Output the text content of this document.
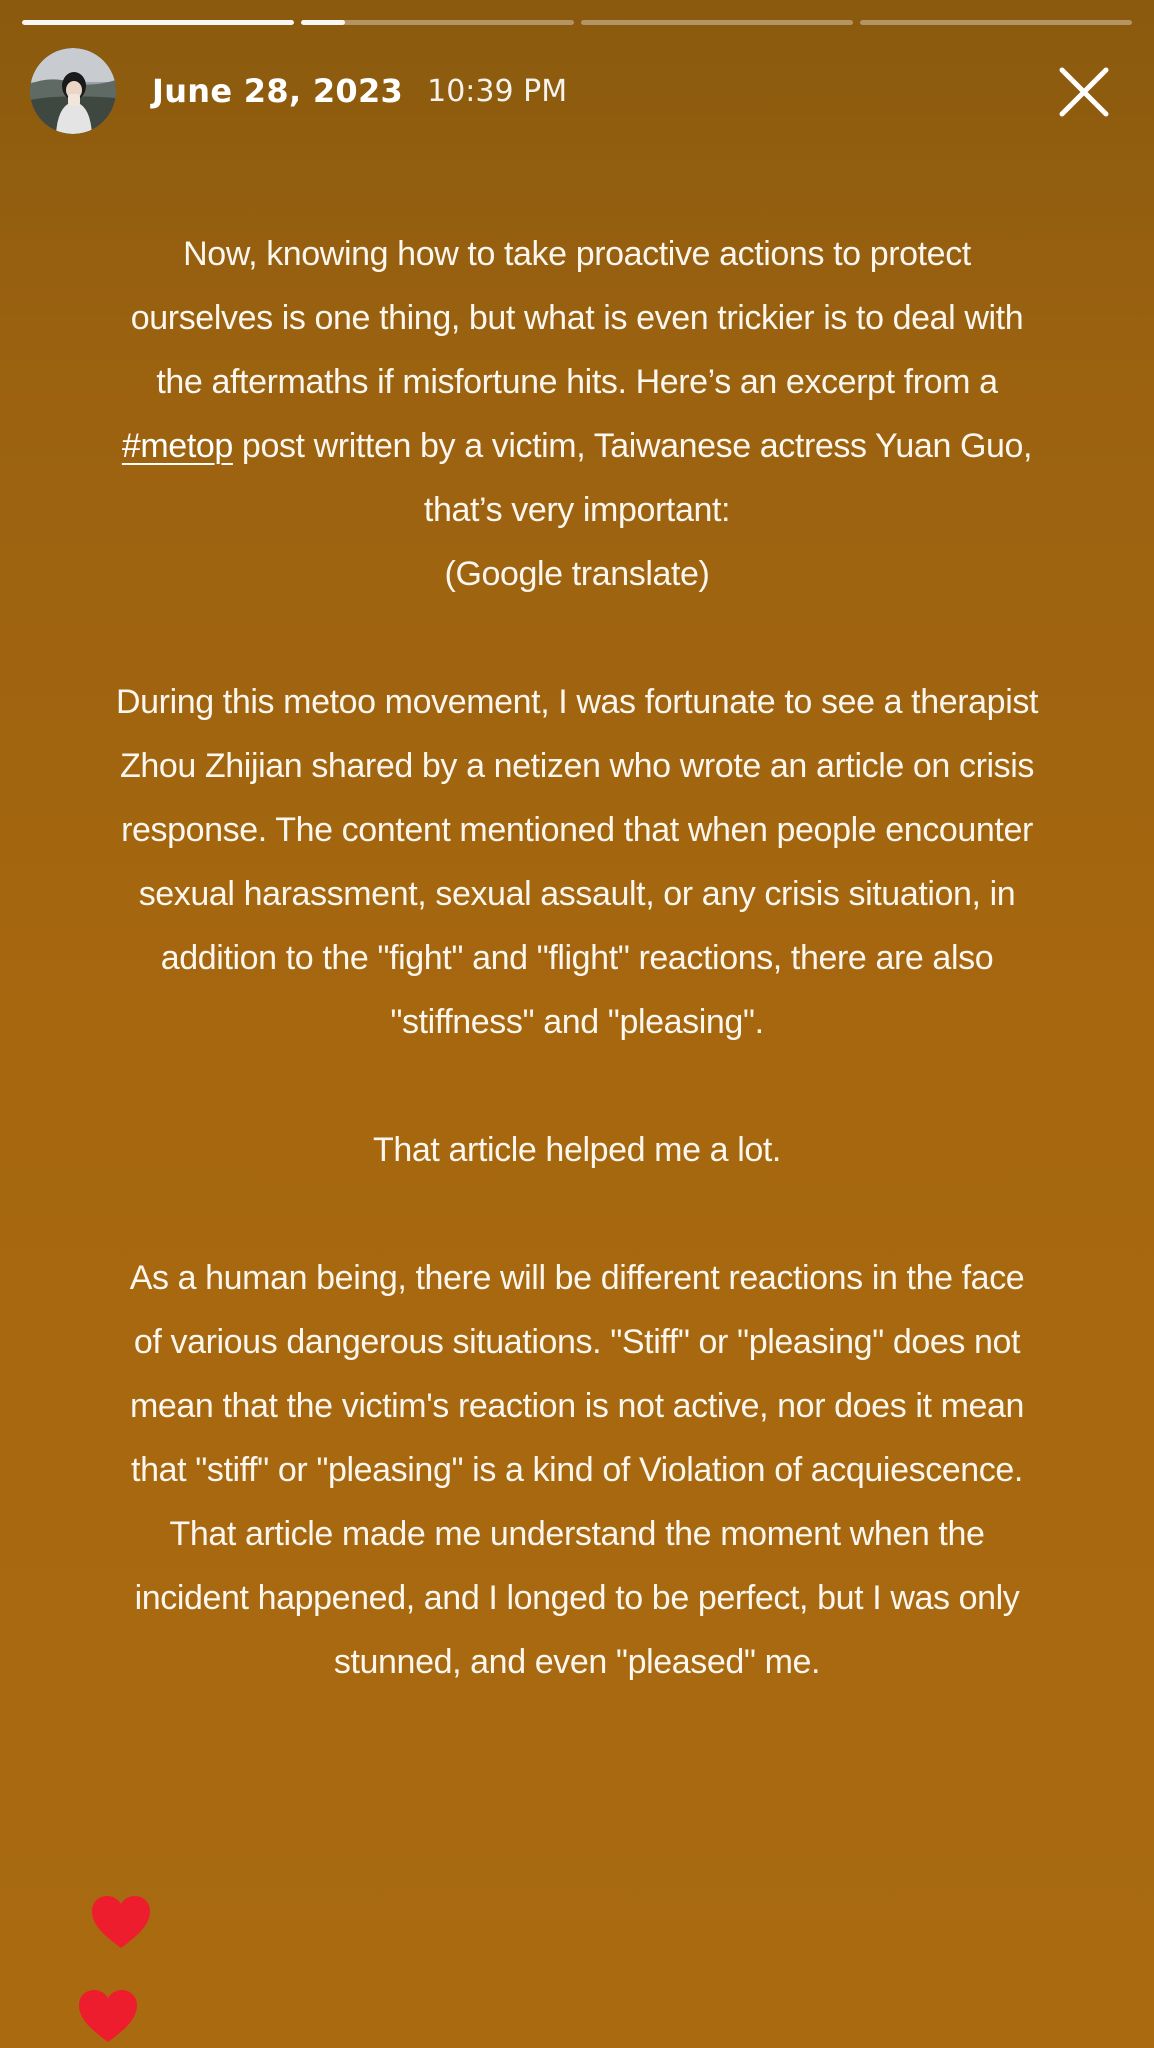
June 28, 2023 10:39 PM

Now, knowing how to take proactive actions to protect ourselves is one thing, but what is even trickier is to deal with the aftermaths if misfortune hits. Here’s an excerpt from a #metop post written by a victim, Taiwanese actress Yuan Guo, that’s very important:

(Google translate)

During this metoo movement, I was fortunate to see a therapist Zhou Zhijian shared by a netizen who wrote an article on crisis response. The content mentioned that when people encounter sexual harassment, sexual assault, or any crisis situation, in addition to the "fight" and "flight" reactions, there are also "stiffness" and "pleasing".

That article helped me a lot.

As a human being, there will be different reactions in the face of various dangerous situations. "Stiff" or "pleasing" does not mean that the victim's reaction is not active, nor does it mean that "stiff" or "pleasing" is a kind of Violation of acquiescence.

That article made me understand the moment when the incident happened, and I longed to be perfect, but I was only stunned, and even "pleased" me.
